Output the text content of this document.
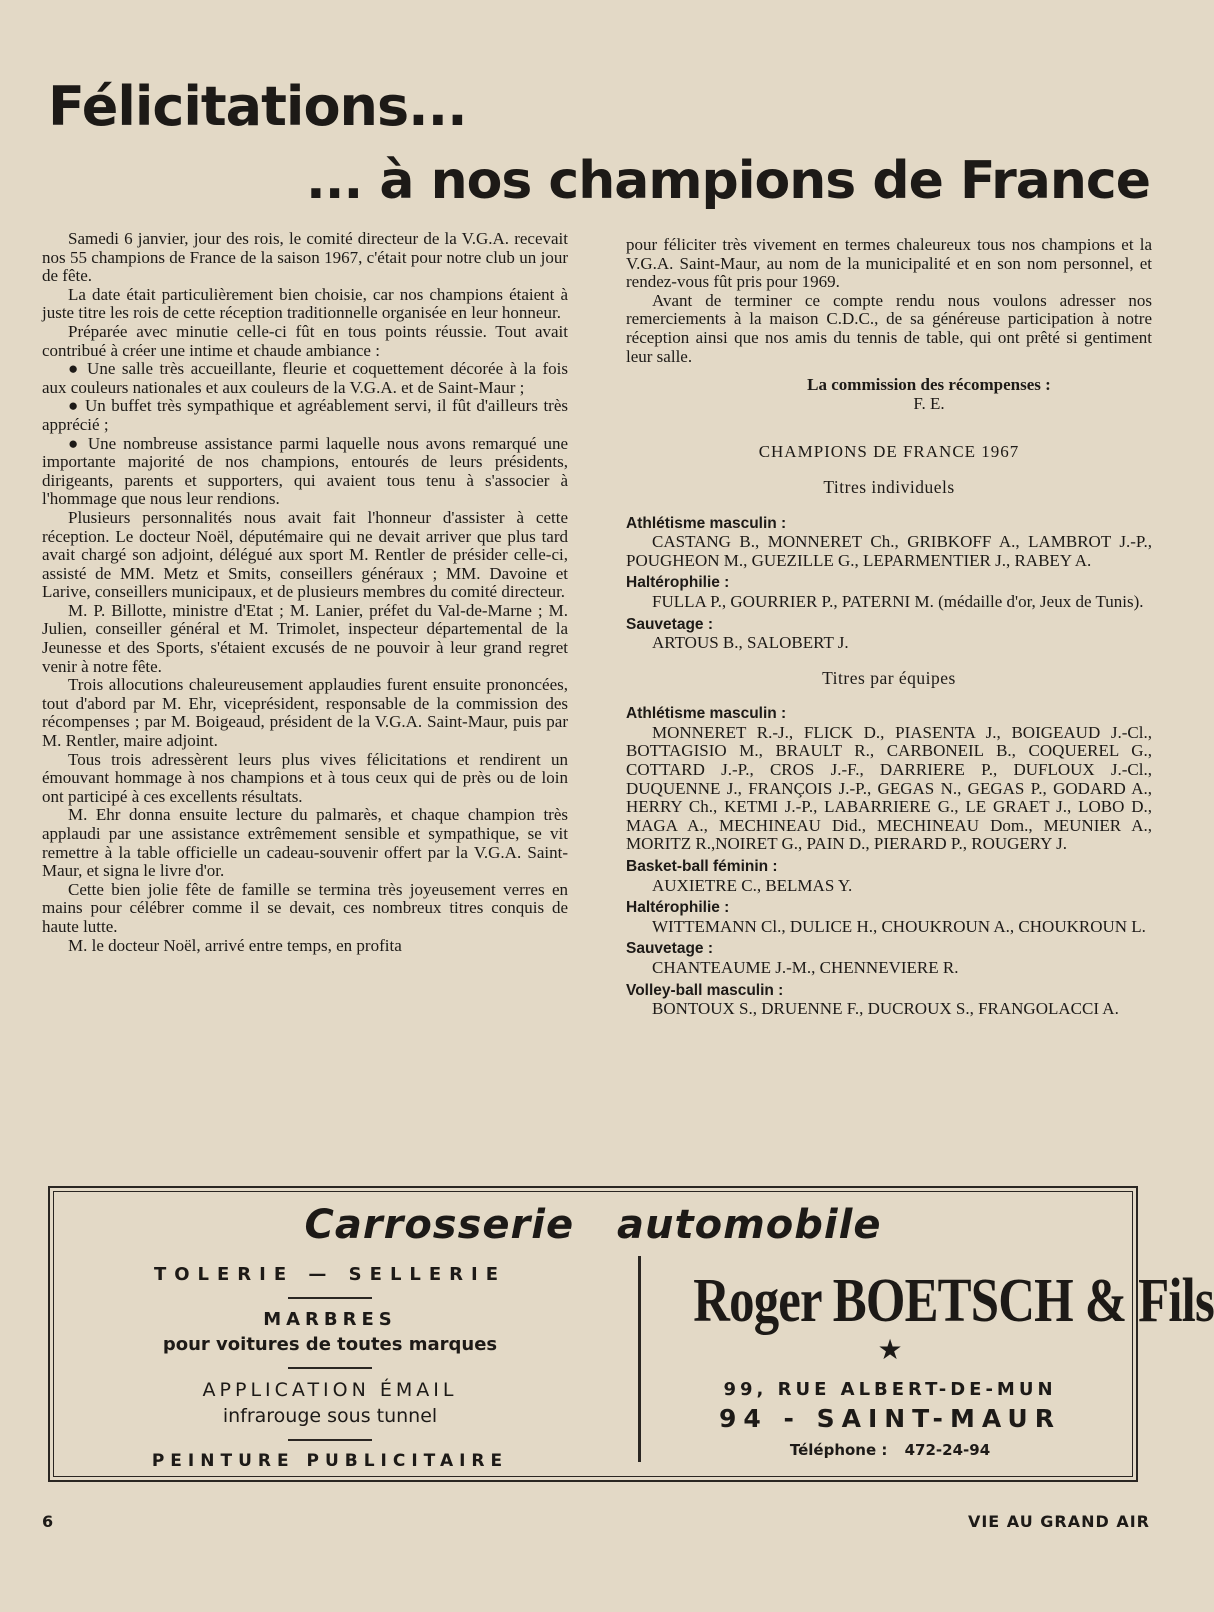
Félicitations...
... à nos champions de France

Samedi 6 janvier, jour des rois, le comité directeur de la V.G.A. recevait nos 55 champions de France de la saison 1967, c'était pour notre club un jour de fête.

La date était particulièrement bien choisie, car nos champions étaient à juste titre les rois de cette réception traditionnelle organisée en leur honneur.

Préparée avec minutie celle-ci fût en tous points réussie. Tout avait contribué à créer une intime et chaude ambiance :

● Une salle très accueillante, fleurie et coquettement décorée à la fois aux couleurs nationales et aux couleurs de la V.G.A. et de Saint-Maur ;

● Un buffet très sympathique et agréablement servi, il fût d'ailleurs très apprécié ;

● Une nombreuse assistance parmi laquelle nous avons remarqué une importante majorité de nos champions, entourés de leurs présidents, dirigeants, parents et supporters, qui avaient tous tenu à s'associer à l'hommage que nous leur rendions.

Plusieurs personnalités nous avait fait l'honneur d'assister à cette réception. Le docteur Noël, députémaire qui ne devait arriver que plus tard avait chargé son adjoint, délégué aux sport M. Rentler de présider celle-ci, assisté de MM. Metz et Smits, conseillers généraux ; MM. Davoine et Larive, conseillers municipaux, et de plusieurs membres du comité directeur.

M. P. Billotte, ministre d'Etat ; M. Lanier, préfet du Val-de-Marne ; M. Julien, conseiller général et M. Trimolet, inspecteur départemental de la Jeunesse et des Sports, s'étaient excusés de ne pouvoir à leur grand regret venir à notre fête.

Trois allocutions chaleureusement applaudies furent ensuite prononcées, tout d'abord par M. Ehr, viceprésident, responsable de la commission des récompenses ; par M. Boigeaud, président de la V.G.A. Saint-Maur, puis par M. Rentler, maire adjoint.

Tous trois adressèrent leurs plus vives félicitations et rendirent un émouvant hommage à nos champions et à tous ceux qui de près ou de loin ont participé à ces excellents résultats.

M. Ehr donna ensuite lecture du palmarès, et chaque champion très applaudi par une assistance extrêmement sensible et sympathique, se vit remettre à la table officielle un cadeau-souvenir offert par la V.G.A. Saint-Maur, et signa le livre d'or.

Cette bien jolie fête de famille se termina très joyeusement verres en mains pour célébrer comme il se devait, ces nombreux titres conquis de haute lutte.

M. le docteur Noël, arrivé entre temps, en profita

pour féliciter très vivement en termes chaleureux tous nos champions et la V.G.A. Saint-Maur, au nom de la municipalité et en son nom personnel, et rendez-vous fût pris pour 1969.

Avant de terminer ce compte rendu nous voulons adresser nos remerciements à la maison C.D.C., de sa généreuse participation à notre réception ainsi que nos amis du tennis de table, qui ont prêté si gentiment leur salle.

La commission des récompenses :

F. E.

CHAMPIONS DE FRANCE 1967

Titres individuels

Athlétisme masculin :

CASTANG B., MONNERET Ch., GRIBKOFF A., LAMBROT J.-P., POUGHEON M., GUEZILLE G., LEPARMENTIER J., RABEY A.

Haltérophilie :

FULLA P., GOURRIER P., PATERNI M. (médaille d'or, Jeux de Tunis).

Sauvetage :

ARTOUS B., SALOBERT J.

Titres par équipes

Athlétisme masculin :

MONNERET R.-J., FLICK D., PIASENTA J., BOIGEAUD J.-Cl., BOTTAGISIO M., BRAULT R., CARBONEIL B., COQUEREL G., COTTARD J.-P., CROS J.-F., DARRIERE P., DUFLOUX J.-Cl., DUQUENNE J., FRANÇOIS J.-P., GEGAS N., GEGAS P., GODARD A., HERRY Ch., KETMI J.-P., LABARRIERE G., LE GRAET J., LOBO D., MAGA A., MECHINEAU Did., MECHINEAU Dom., MEUNIER A., MORITZ R.,NOIRET G., PAIN D., PIERARD P., ROUGERY J.

Basket-ball féminin :

AUXIETRE C., BELMAS Y.

Haltérophilie :

WITTEMANN Cl., DULICE H., CHOUKROUN A., CHOUKROUN L.

Sauvetage :

CHANTEAUME J.-M., CHENNEVIERE R.

Volley-ball masculin :

BONTOUX S., DRUENNE F., DUCROUX S., FRANGOLACCI A.

Carrosserie automobile

TOLERIE — SELLERIE

MARBRES

pour voitures de toutes marques

APPLICATION ÉMAIL

infrarouge sous tunnel

PEINTURE PUBLICITAIRE

Roger BOETSCH & Fils

★

99, RUE ALBERT-DE-MUN

94 - SAINT-MAUR

Téléphone : 472-24-94

6	VIE AU GRAND AIR
